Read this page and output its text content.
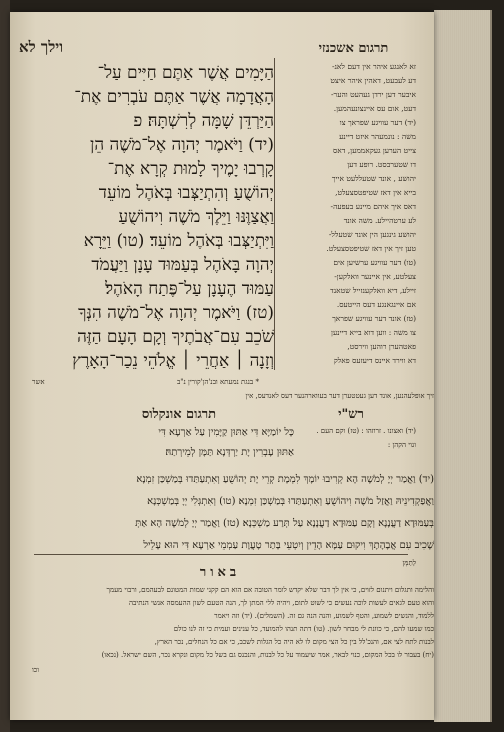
וילך לא	תרגום אשכנזי
הַיָּמִים אֲשֶׁר אַתֶּם חַיִּים עַל־
הָאֲדָמָה אֲשֶׁר אַתֶּם עֹבְרִים אֶת־
הַיַּרְדֵּן שָׁמָּה לְרִשְׁתָּהּ׃ פ
(יד) וַיֹּאמֶר יְהוָה אֶל־מֹשֶׁה הֵן
קָרְבוּ יָמֶיךָ לָמוּת קְרָא אֶת־
יְהוֹשֻׁעַ וְהִתְיַצְּבוּ בְּאֹהֶל מוֹעֵד
וַאֲצַוֶּנּוּ וַיֵּלֶךְ מֹשֶׁה וִיהוֹשֻׁעַ
וַיִּתְיַצְּבוּ בְּאֹהֶל מוֹעֵד׃ (טו) וַיֵּרָא
יְהוָה בָּאֹהֶל בְּעַמּוּד עָנָן וַיַּעֲמֹד
עַמּוּד הֶעָנָן עַל־פֶּתַח הָאֹהֶל׃
(טז) וַיֹּאמֶר יְהוָה אֶל־מֹשֶׁה הִנְּךָ
שֹׁכֵב עִם־אֲבֹתֶיךָ וְקָם הָעָם הַזֶּה
וְזָנָה ׀ אַחֲרֵי ׀ אֱלֹהֵי נֵכַר־הָאָרֶץ
* בנגת נמעתא ובנ'הן'קורין נ"ב
אשר
זא לאנגע איהר אין דעם לאנ-
דע לעבעט, דאהין איהר איצט
איבער דען ירדן געהעט והער-
דעט, אום עס איינצונעהמען.
(יד) דער עוויגע שפראך צו
משה : נונמעהר איזט דיינע
צייט הערען געקאממען, דאס
דו שטערבסט. רופע דען
יהושע , אונד שטעללעט אייך
בייא אין דאז שטיפטסצעלט,
דאס איך איהם מיינע בעפעה-
לע ערטהיילע. משה אונד
יהושע גינגען הין אונד שטעלל-
טען זיך אין דאז שטיפטסצעלט.
(טו) דער עוויגע ערשיען אים
צעלטע, אין איינער וואלקען-
זיילע, דיא וואלקענזייל שטאנד
אם איינגאנגע דעס הייטעס.
(טז) אונד דער עוויגע שפראך
צו משה : ווען דוא בייא דיינען
פאטהערן רוהען ווירסט,
דא ווירד איינס דיעזעס פאלק
זיך אופלעהנען, אונד דען געטטערן דער בעווארהנער דעס לאנדעס, אין
רש"י
תרגום אונקלוס
(יד) ואצונו . זרוזהו : (טז) וקם העם .
ונוי הקהן :
כָּל יוֹמַיָּא דִּי אַתּוּן קַיָּמִין עַל אַרְעָא דִּי
אַתּוּן עָבְרִין יָת יַרְדְּנָא תַּמָּן לְמֵירְתַהּ׃
(יד) וַאֲמַר יְיָ לְמֹשֶׁה הָא קְרִיבוּ יוֹמָךְ לִמְמָת קְרֵי יָת יְהוֹשֻׁעַ וְאִתְעַתַּדוּ בְּמַשְׁכַּן זִמְנָא
וַאֲפַקְדִינֵיהּ וַאֲזַל מֹשֶׁה וִיהוֹשֻׁעַ וְאִתְעַתַּדוּ בְּמַשְׁכַּן זִמְנָא׃ (טו) וְאִתְגְּלִי יְיָ בְּמַשְׁכְּנָא
בְּעַמּוּדָא דַעֲנָנָא וְקָם עַמּוּדָא דַעֲנָנָא עַל תְּרַע מַשְׁכְּנָא׃ (טז) וַאֲמַר יְיָ לְמֹשֶׁה הָא אַתְּ
שָׁכִיב עִם אֲבָהָתָךְ וִיקוּם עַמָּא הָדֵין וְיִטְעֵי בָּתַר טָעֲוָת עַמְמֵי אַרְעָא דִּי הוּא עָלֵיל
לְתַמָּן
באור
והלימה ותגלום ויתנום לזוים, כי אין לך דבר שלא יקדש לומר הטובה אם הוא הם קקני שמות המטונם לבעהמם, ורבוי מעמך
והוא טעם לגאים לעשות לוכה נעשים כי לשוט לתום, ויהיה ללי המתן לך, הנה הטעם לשון ההעמסה אנשי הנתיבה
ללמוד, והנשים לשמוע, והטף לשמוע, והנה הנה גם זה. (השמלים). (יד) וזה ויאמר
כמו שמעו להם, כי כוונת לי מבחר לשון. (טו) דתה תנהו להמועד, כל ענינים ועמית כי זה לנו כולם
לבנות לתח לצי אם, והנכ'לל בין כל הצי מקום לו לא היה כל הגלות לשכב, כי אם כל הנחלים, נכר הארץ,
(יח) בעבור לו בכל המקום, כנוי לבאר, אמר שיעמוד על כל לבנות, והנכנס גם בשל כל מקום ונקרא נכר, השם ישראל. (נכאו)
וכו
